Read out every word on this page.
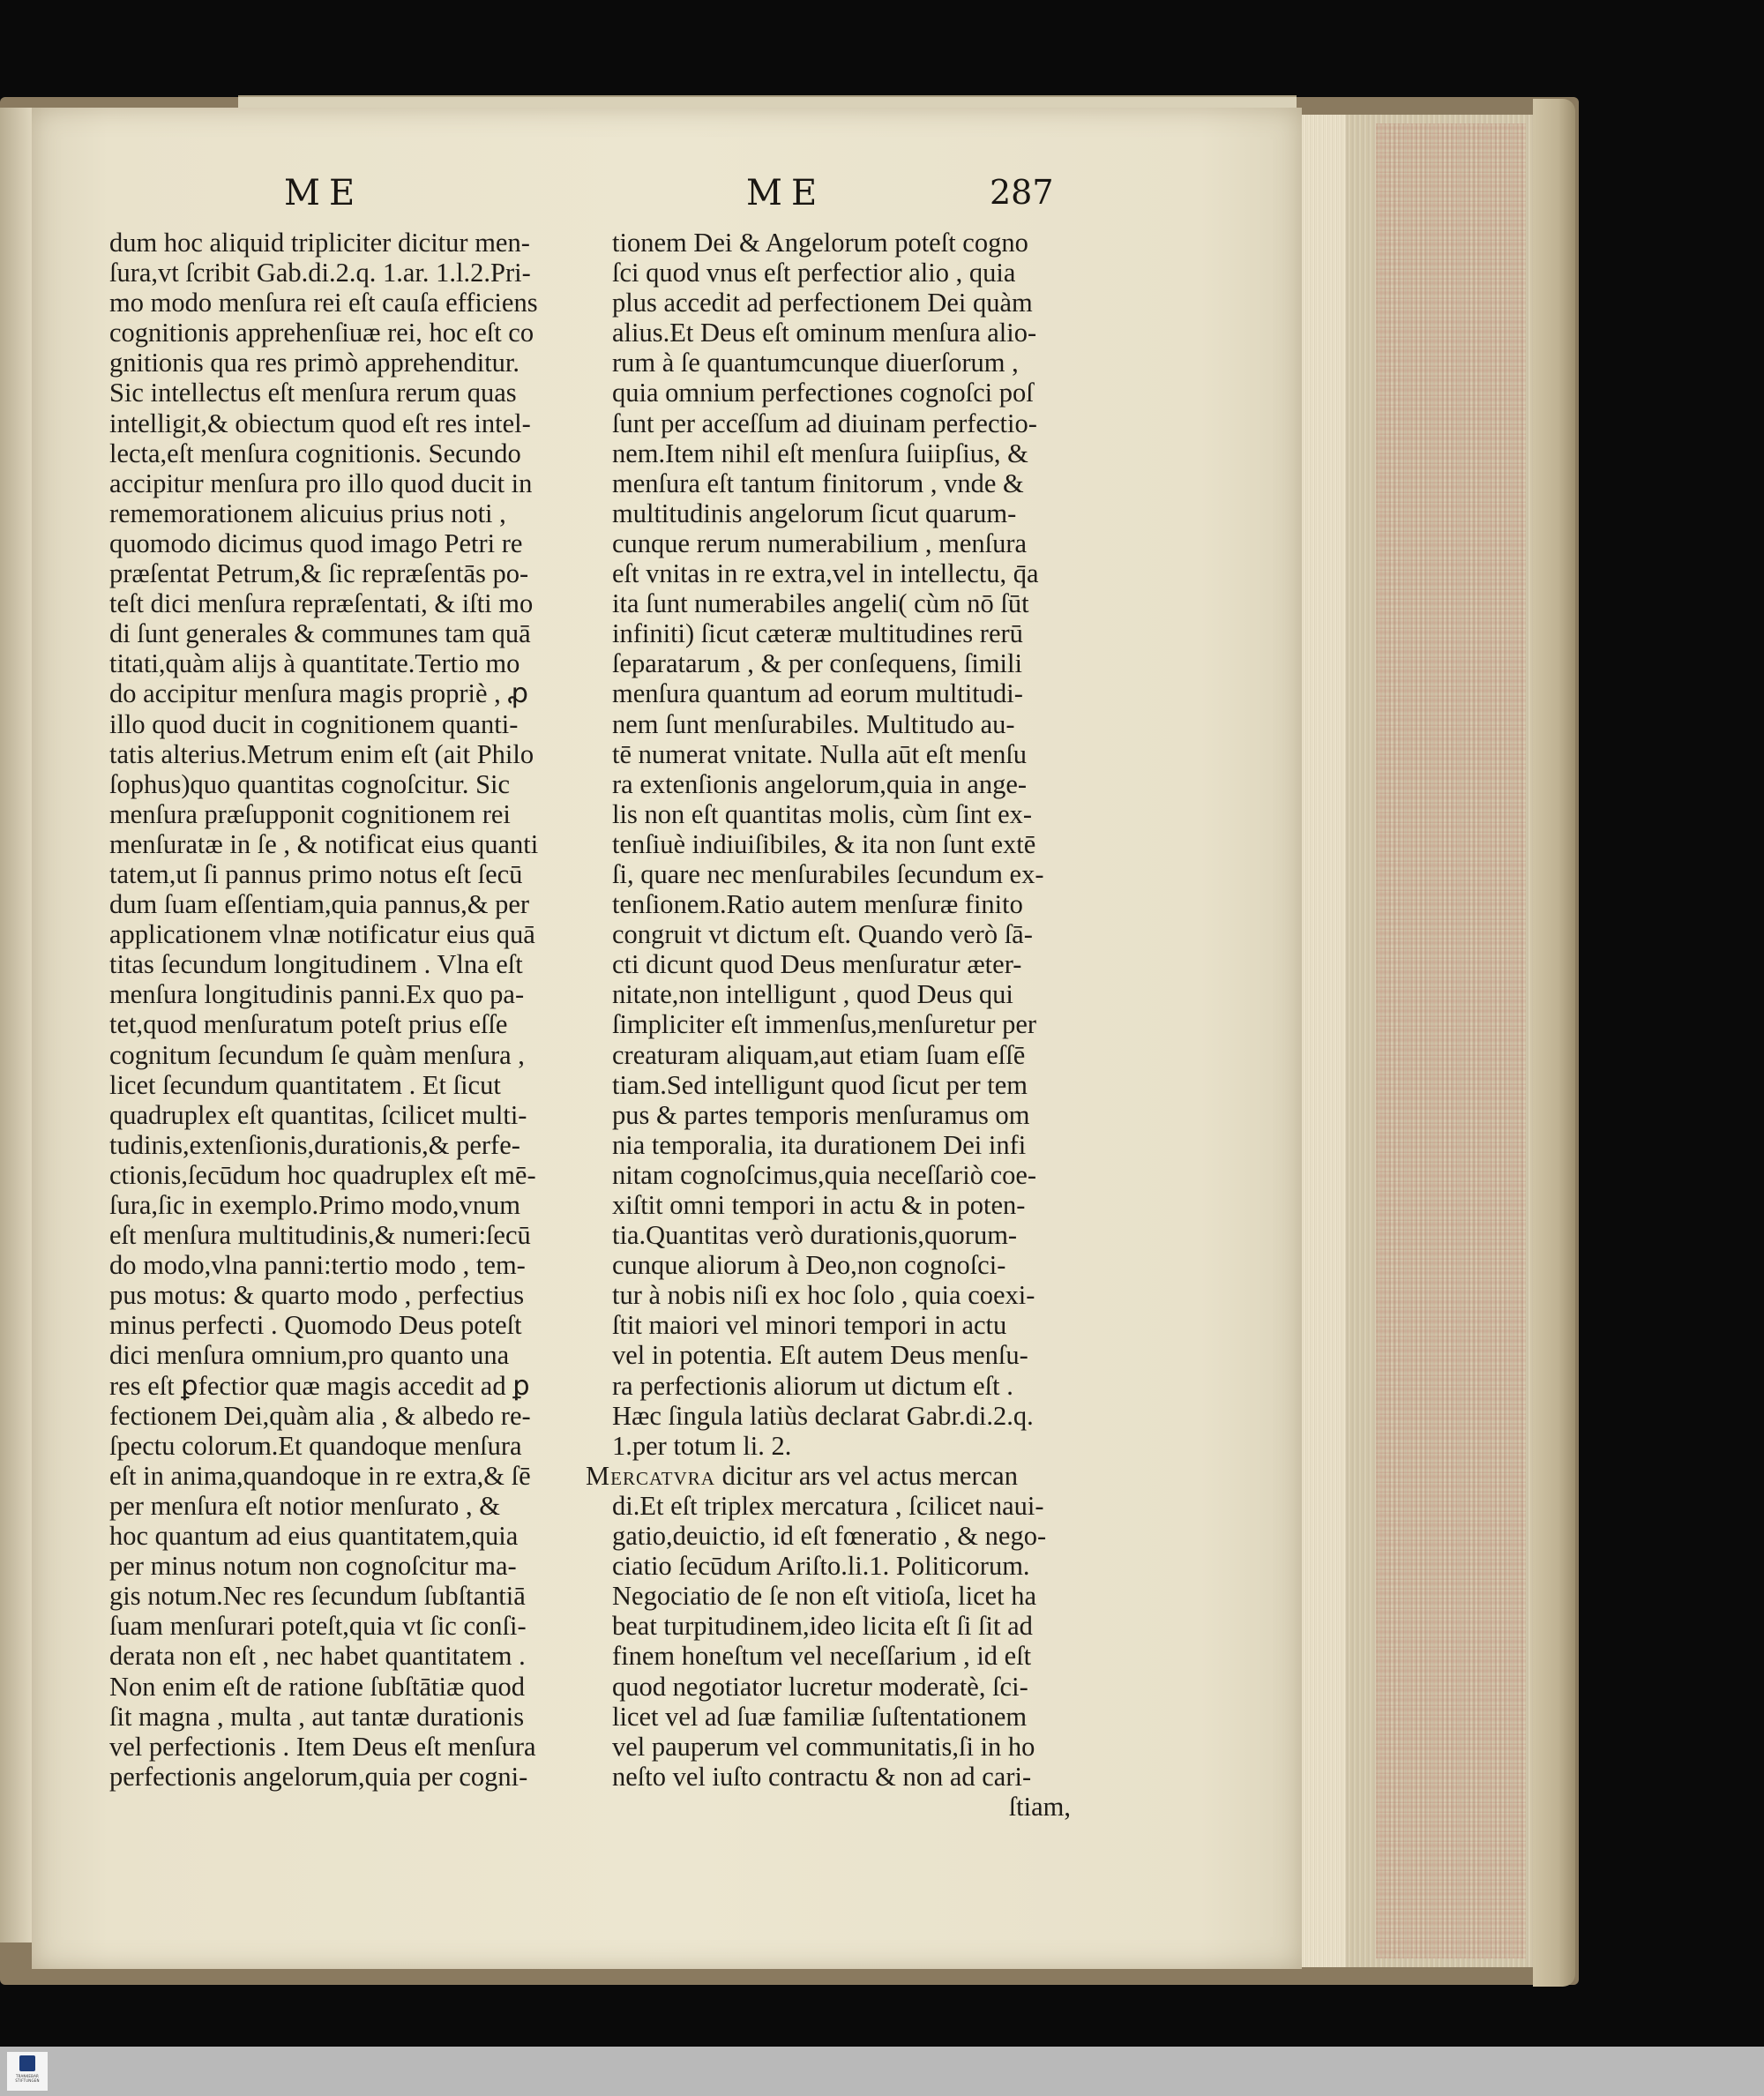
ME	ME	287
dum hoc aliquid tripliciter dicitur men-
ſura,vt ſcribit Gab.di.2.q. 1.ar. 1.l.2.Pri-
mo modo menſura rei eſt cauſa efficiens
cognitionis apprehenſiuæ rei, hoc eſt co
gnitionis qua res primò apprehenditur.
Sic intellectus eſt menſura rerum quas
intelligit,& obiectum quod eſt res intel-
lecta,eſt menſura cognitionis. Secundo
accipitur menſura pro illo quod ducit in
rememorationem alicuius prius noti ,
quomodo dicimus quod imago Petri re
præſentat Petrum,& ſic repræſentās po-
teſt dici menſura repræſentati, & iſti mo
di ſunt generales & communes tam quā
titati,quàm alijs à quantitate.Tertio mo
do accipitur menſura magis propriè , ꝓ
illo quod ducit in cognitionem quanti-
tatis alterius.Metrum enim eſt (ait Philo
ſophus)quo quantitas cognoſcitur. Sic
menſura præſupponit cognitionem rei
menſuratæ in ſe , & notificat eius quanti
tatem,ut ſi pannus primo notus eſt ſecū
dum ſuam eſſentiam,quia pannus,& per
applicationem vlnæ notificatur eius quā
titas ſecundum longitudinem . Vlna eſt
menſura longitudinis panni.Ex quo pa-
tet,quod menſuratum poteſt prius eſſe
cognitum ſecundum ſe quàm menſura ,
licet ſecundum quantitatem . Et ſicut
quadruplex eſt quantitas, ſcilicet multi-
tudinis,extenſionis,durationis,& perfe-
ctionis,ſecūdum hoc quadruplex eſt mē-
ſura,ſic in exemplo.Primo modo,vnum
eſt menſura multitudinis,& numeri:ſecū
do modo,vlna panni:tertio modo , tem-
pus motus: & quarto modo , perfectius
minus perfecti . Quomodo Deus poteſt
dici menſura omnium,pro quanto una
res eſt ꝑfectior quæ magis accedit ad ꝑ
fectionem Dei,quàm alia , & albedo re-
ſpectu colorum.Et quandoque menſura
eſt in anima,quandoque in re extra,& ſē
per menſura eſt notior menſurato , &
hoc quantum ad eius quantitatem,quia
per minus notum non cognoſcitur ma-
gis notum.Nec res ſecundum ſubſtantiā
ſuam menſurari poteſt,quia vt ſic conſi-
derata non eſt , nec habet quantitatem .
Non enim eſt de ratione ſubſtātiæ quod
ſit magna , multa , aut tantæ durationis
vel perfectionis . Item Deus eſt menſura
perfectionis angelorum,quia per cogni-
tionem Dei & Angelorum poteſt cogno
ſci quod vnus eſt perfectior alio , quia
plus accedit ad perfectionem Dei quàm
alius.Et Deus eſt ominum menſura alio-
rum à ſe quantumcunque diuerſorum ,
quia omnium perfectiones cognoſci poſ
ſunt per acceſſum ad diuinam perfectio-
nem.Item nihil eſt menſura ſuiipſius, &
menſura eſt tantum finitorum , vnde &
multitudinis angelorum ſicut quarum-
cunque rerum numerabilium , menſura
eſt vnitas in re extra,vel in intellectu, q̄a
ita ſunt numerabiles angeli( cùm nō ſūt
infiniti) ſicut cæteræ multitudines rerū
ſeparatarum , & per conſequens, ſimili
menſura quantum ad eorum multitudi-
nem ſunt menſurabiles. Multitudo au-
tē numerat vnitate. Nulla aūt eſt menſu
ra extenſionis angelorum,quia in ange-
lis non eſt quantitas molis, cùm ſint ex-
tenſiuè indiuiſibiles, & ita non ſunt extē
ſi, quare nec menſurabiles ſecundum ex-
tenſionem.Ratio autem menſuræ finito
congruit vt dictum eſt. Quando verò ſā-
cti dicunt quod Deus menſuratur æter-
nitate,non intelligunt , quod Deus qui
ſimpliciter eſt immenſus,menſuretur per
creaturam aliquam,aut etiam ſuam eſſē
tiam.Sed intelligunt quod ſicut per tem
pus & partes temporis menſuramus om
nia temporalia, ita durationem Dei infi
nitam cognoſcimus,quia neceſſariò coe-
xiſtit omni tempori in actu & in poten-
tia.Quantitas verò durationis,quorum-
cunque aliorum à Deo,non cognoſci-
tur à nobis niſi ex hoc ſolo , quia coexi-
ſtit maiori vel minori tempori in actu
vel in potentia. Eſt autem Deus menſu-
ra perfectionis aliorum ut dictum eſt .
Hæc ſingula latiùs declarat Gabr.di.2.q.
1.per totum li. 2.
Mercatvra dicitur ars vel actus mercan
di.Et eſt triplex mercatura , ſcilicet naui-
gatio,deuictio, id eſt fœneratio , & nego-
ciatio ſecūdum Ariſto.li.1. Politicorum.
Negociatio de ſe non eſt vitioſa, licet ha
beat turpitudinem,ideo licita eſt ſi ſit ad
finem honeſtum vel neceſſarium , id eſt
quod negotiator lucretur moderatè, ſci-
licet vel ad ſuæ familiæ ſuſtentationem
vel pauperum vel communitatis,ſi in ho
neſto vel iuſto contractu & non ad cari-
ſtiam,
TRANKEBAR STIFTUNGEN
